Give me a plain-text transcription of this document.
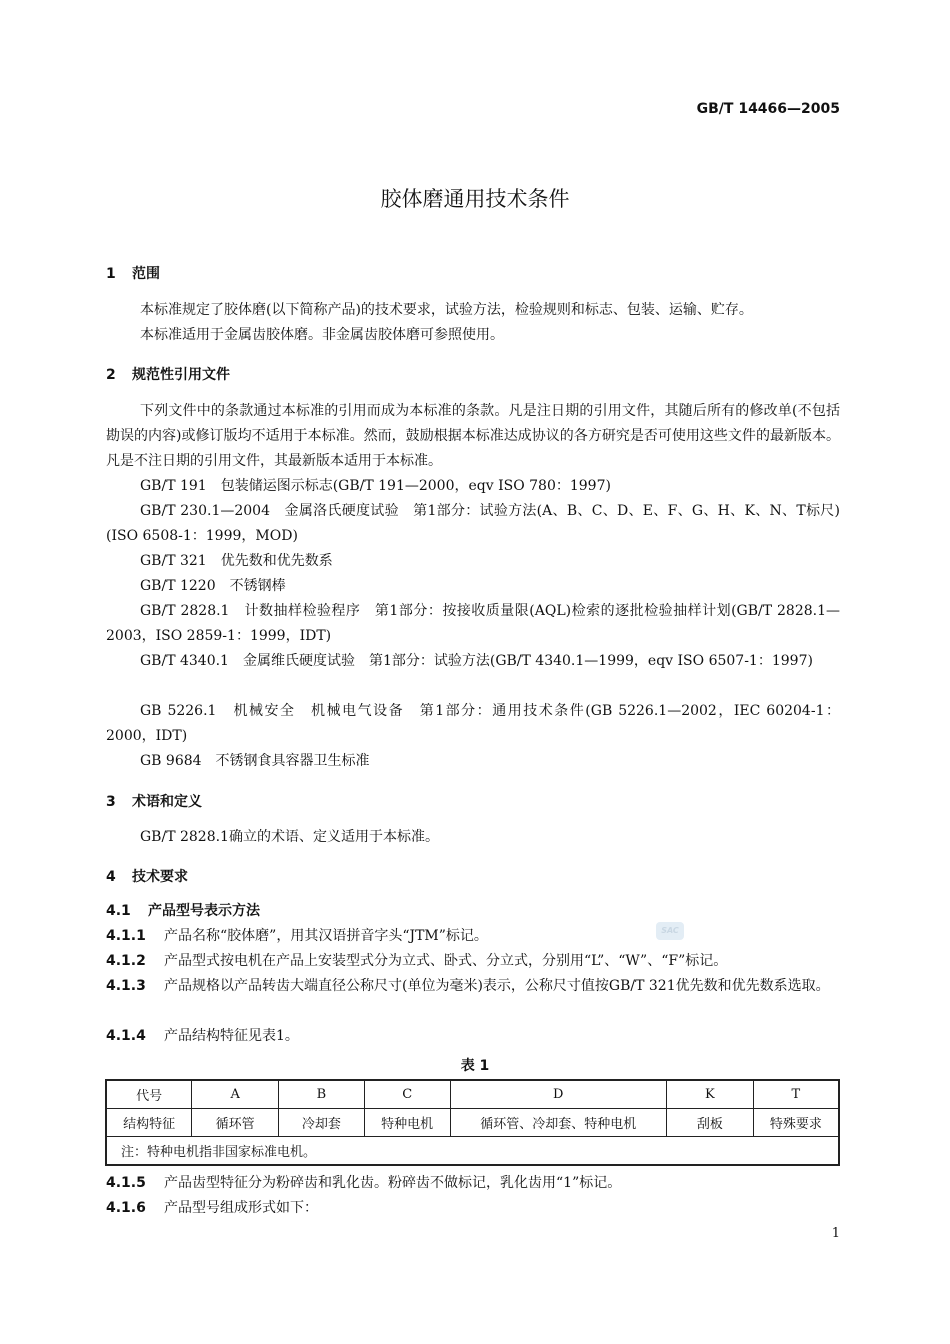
GB/T 14466—2005
胶体磨通用技术条件
1 范围
本标准规定了胶体磨(以下简称产品)的技术要求，试验方法，检验规则和标志、包装、运输、贮存。
本标准适用于金属齿胶体磨。非金属齿胶体磨可参照使用。
2 规范性引用文件
下列文件中的条款通过本标准的引用而成为本标准的条款。凡是注日期的引用文件，其随后所有的修改单(不包括勘误的内容)或修订版均不适用于本标准。然而，鼓励根据本标准达成协议的各方研究是否可使用这些文件的最新版本。凡是不注日期的引用文件，其最新版本适用于本标准。
GB/T 191　包装储运图示标志(GB/T 191—2000，eqv ISO 780：1997)
GB/T 230.1—2004　金属洛氏硬度试验　第1部分：试验方法(A、B、C、D、E、F、G、H、K、N、T标尺)(ISO 6508-1：1999，MOD)
GB/T 321　优先数和优先数系
GB/T 1220　不锈钢棒
GB/T 2828.1　计数抽样检验程序　第1部分：按接收质量限(AQL)检索的逐批检验抽样计划(GB/T 2828.1—2003，ISO 2859-1：1999，IDT)
GB/T 4340.1　金属维氏硬度试验　第1部分：试验方法(GB/T 4340.1—1999，eqv ISO 6507-1：1997)
GB 5226.1　机械安全　机械电气设备　第1部分：通用技术条件(GB 5226.1—2002，IEC 60204-1：2000，IDT)
GB 9684　不锈钢食具容器卫生标准
3 术语和定义
GB/T 2828.1确立的术语、定义适用于本标准。
4 技术要求
4.1 产品型号表示方法
4.1.1 产品名称“胶体磨”，用其汉语拼音字头“JTM”标记。
4.1.2 产品型式按电机在产品上安装型式分为立式、卧式、分立式，分别用“L”、“W”、“F”标记。
4.1.3 产品规格以产品转齿大端直径公称尺寸(单位为毫米)表示，公称尺寸值按GB/T 321优先数和优先数系选取。
4.1.4 产品结构特征见表1。
表 1
代号	A	B	C	D	K	T
结构特征	循环管	冷却套	特种电机	循环管、冷却套、特种电机	刮板	特殊要求
注：特种电机指非国家标准电机。						
4.1.5 产品齿型特征分为粉碎齿和乳化齿。粉碎齿不做标记，乳化齿用“1”标记。
4.1.6 产品型号组成形式如下：
SAC
1
